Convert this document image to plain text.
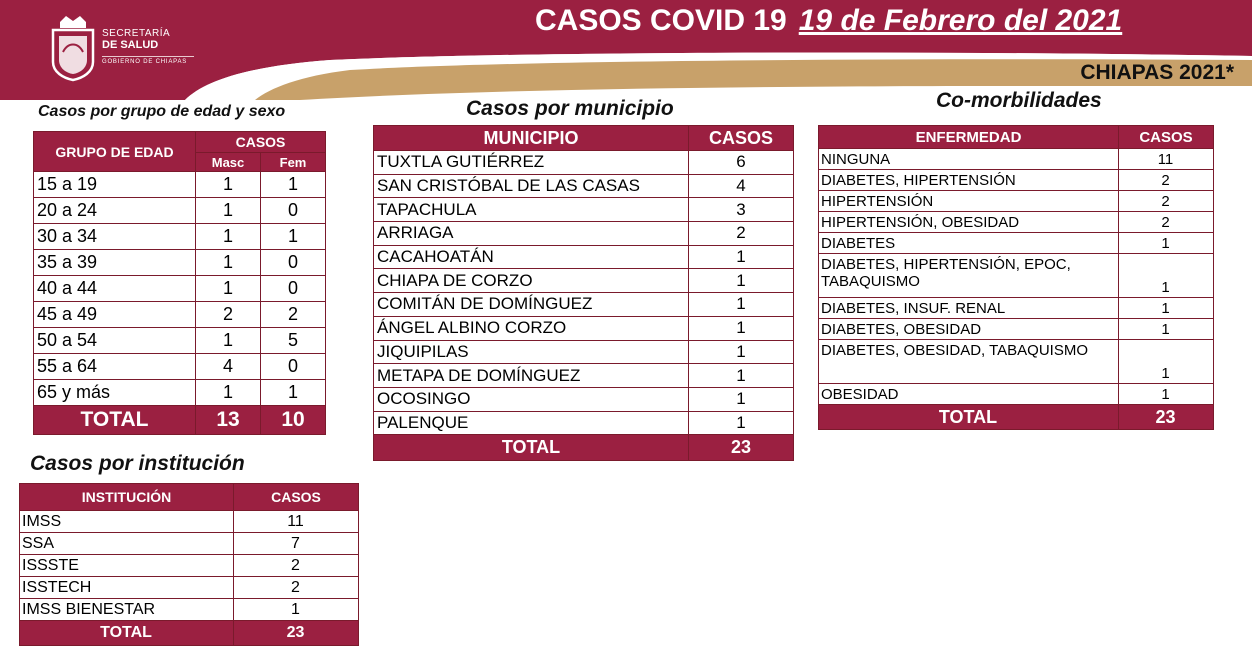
SECRETARÍA
DE SALUD
GOBIERNO DE CHIAPAS
CASOS COVID 19 19 de Febrero del 2021
CHIAPAS 2021*
Casos por grupo de edad y sexo
GRUPO DE EDAD	CASOS	
	Masc	Fem
15 a 19	1	1
20 a 24	1	0
30 a 34	1	1
35 a 39	1	0
40 a 44	1	0
45 a 49	2	2
50 a 54	1	5
55 a 64	4	0
65 y más	1	1
TOTAL	13	10
Casos por municipio
MUNICIPIO	CASOS
TUXTLA GUTIÉRREZ	6
SAN CRISTÓBAL DE LAS CASAS	4
TAPACHULA	3
ARRIAGA	2
CACAHOATÁN	1
CHIAPA DE CORZO	1
COMITÁN DE DOMÍNGUEZ	1
ÁNGEL ALBINO CORZO	1
JIQUIPILAS	1
METAPA DE DOMÍNGUEZ	1
OCOSINGO	1
PALENQUE	1
TOTAL	23
Co-morbilidades
ENFERMEDAD	CASOS
NINGUNA	11
DIABETES, HIPERTENSIÓN	2
HIPERTENSIÓN	2
HIPERTENSIÓN, OBESIDAD	2
DIABETES	1
DIABETES, HIPERTENSIÓN, EPOC, TABAQUISMO	1
DIABETES, INSUF. RENAL	1
DIABETES, OBESIDAD	1
DIABETES, OBESIDAD, TABAQUISMO	1
OBESIDAD	1
TOTAL	23
Casos por institución
INSTITUCIÓN	CASOS
IMSS	11
SSA	7
ISSSTE	2
ISSTECH	2
IMSS BIENESTAR	1
TOTAL	23
